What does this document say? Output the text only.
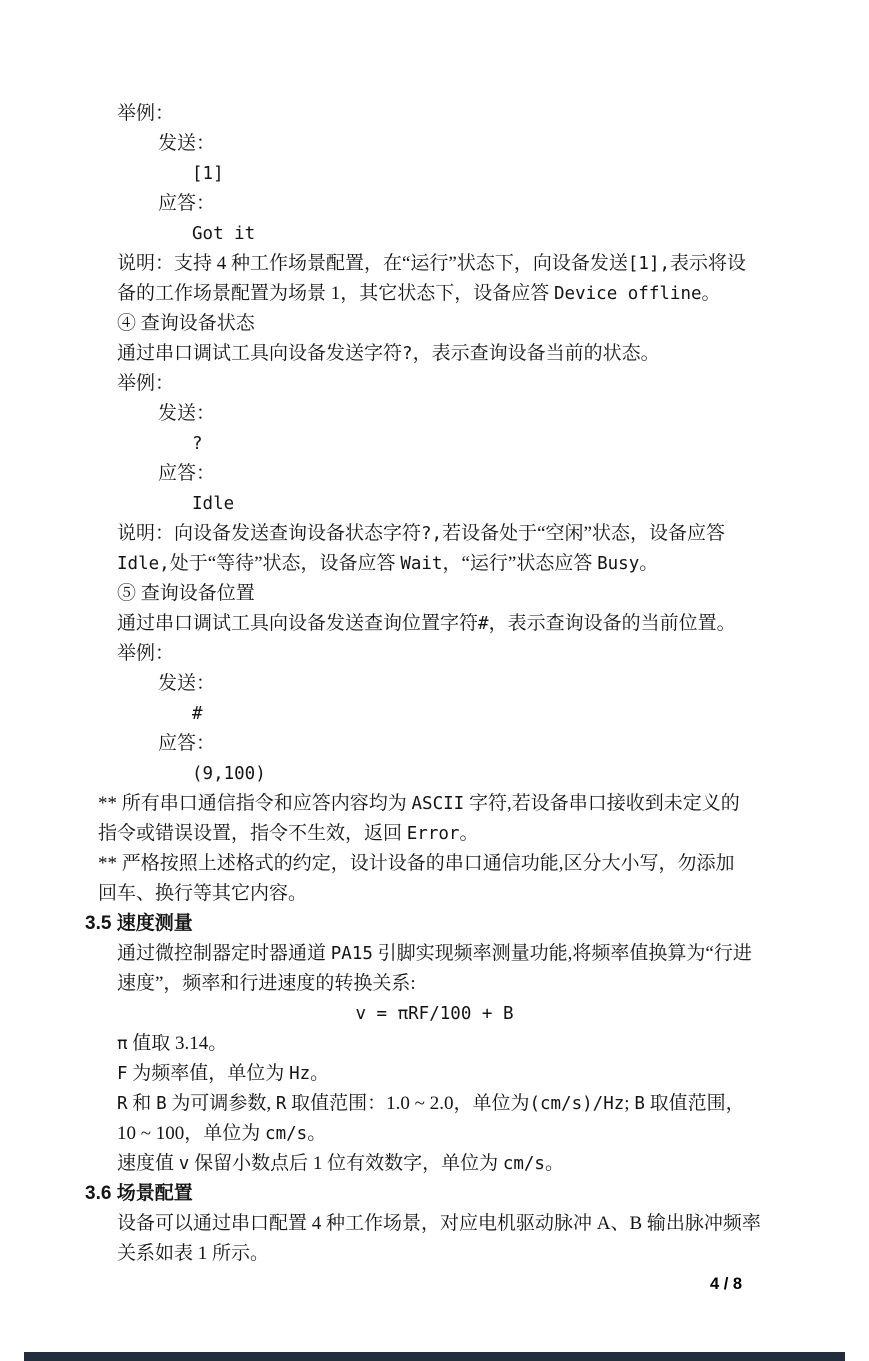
举例：
发送：
[1]
应答：
Got it
说明：支持 4 种工作场景配置，在“运行”状态下，向设备发送[1],表示将设
备的工作场景配置为场景 1，其它状态下，设备应答 Device offline。
④ 查询设备状态
通过串口调试工具向设备发送字符?，表示查询设备当前的状态。
举例：
发送：
?
应答：
Idle
说明：向设备发送查询设备状态字符?,若设备处于“空闲”状态，设备应答
Idle,处于“等待”状态，设备应答 Wait，“运行”状态应答 Busy。
⑤ 查询设备位置
通过串口调试工具向设备发送查询位置字符#，表示查询设备的当前位置。
举例：
发送：
#
应答：
(9,100)
** 所有串口通信指令和应答内容均为 ASCII 字符,若设备串口接收到未定义的
指令或错误设置，指令不生效，返回 Error。
** 严格按照上述格式的约定，设计设备的串口通信功能,区分大小写，勿添加
回车、换行等其它内容。
3.5 速度测量
通过微控制器定时器通道 PA15 引脚实现频率测量功能,将频率值换算为“行进
速度”，频率和行进速度的转换关系:
v = πRF/100 + B
π 值取 3.14。
F 为频率值，单位为 Hz。
R 和 B 为可调参数, R 取值范围：1.0 ~ 2.0，单位为(cm/s)/Hz; B 取值范围，
10 ~ 100，单位为 cm/s。
速度值 v 保留小数点后 1 位有效数字，单位为 cm/s。
3.6 场景配置
设备可以通过串口配置 4 种工作场景，对应电机驱动脉冲 A、B 输出脉冲频率
关系如表 1 所示。
4 / 8
